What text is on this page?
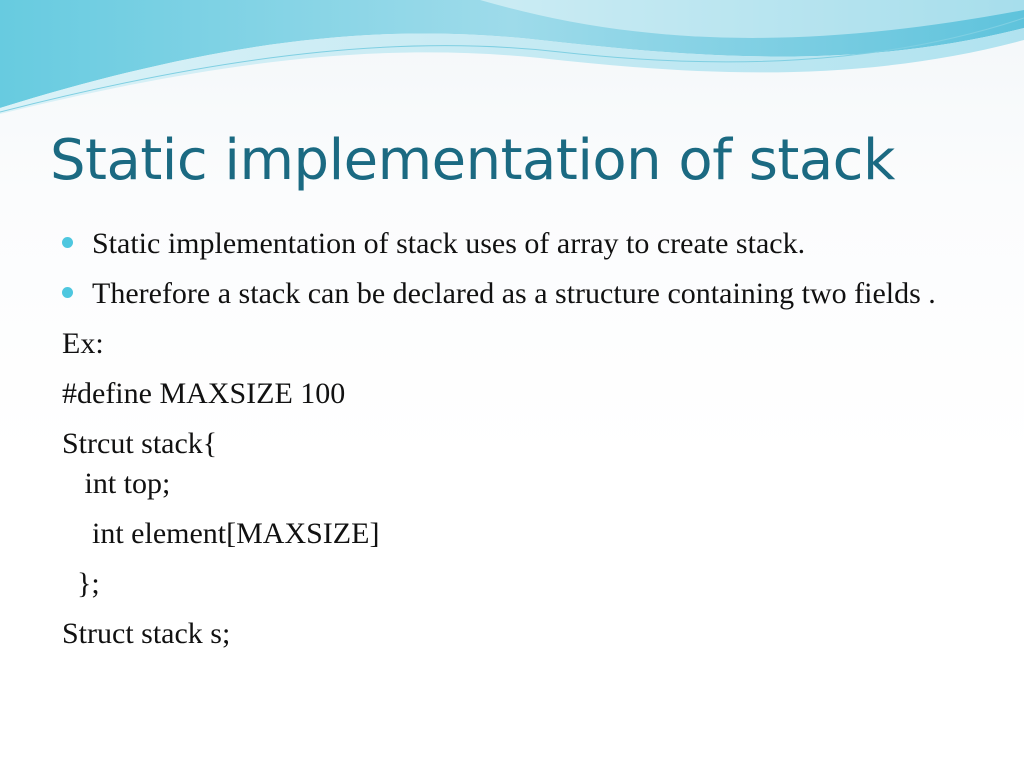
Static implementation of stack
Static implementation of stack uses of array to create stack.
Therefore a stack can be declared as a structure containing two fields .
Ex:
#define MAXSIZE 100
Strcut stack{
int top;
int element[MAXSIZE]
};
Struct stack s;
